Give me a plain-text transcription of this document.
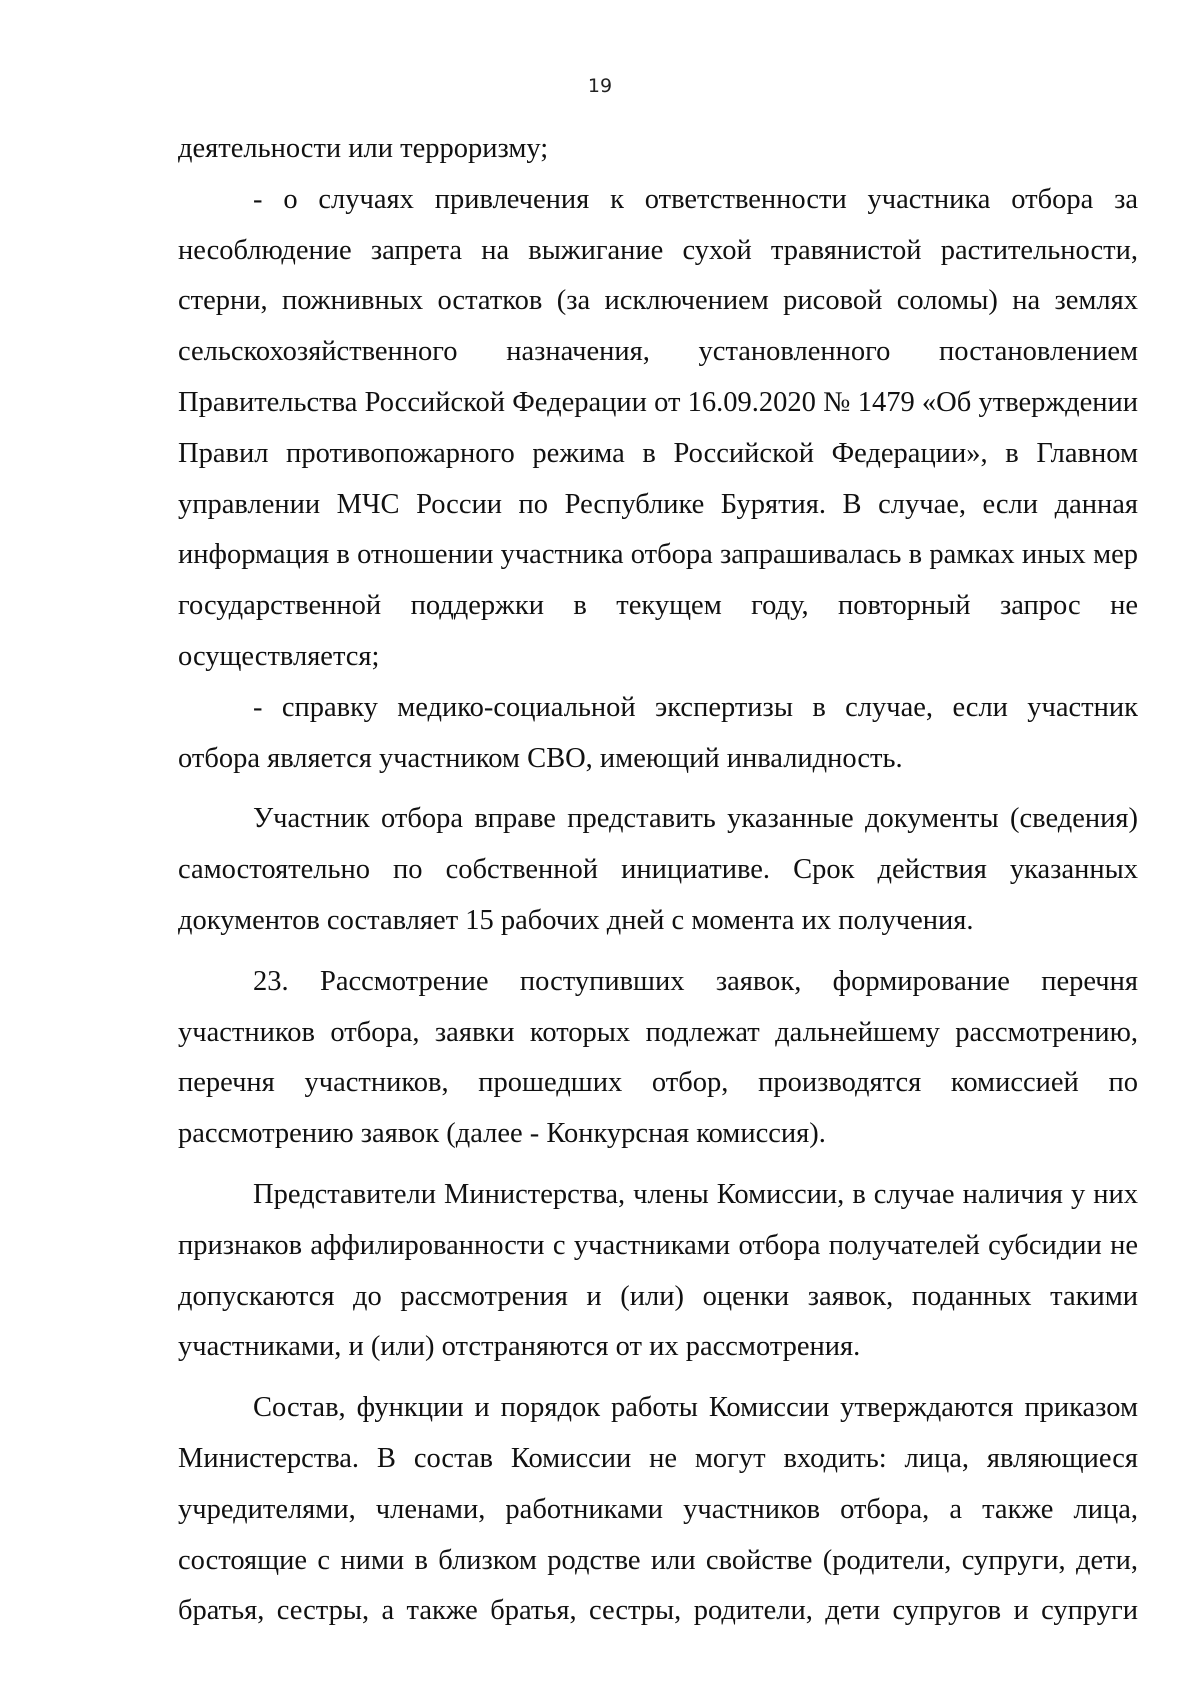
19

деятельности или терроризму;

- о случаях привлечения к ответственности участника отбора за несоблюдение запрета на выжигание сухой травянистой растительности, стерни, пожнивных остатков (за исключением рисовой соломы) на землях сельскохозяйственного назначения, установленного постановлением Правительства Российской Федерации от 16.09.2020 № 1479 «Об утверждении Правил противопожарного режима в Российской Федерации», в Главном управлении МЧС России по Республике Бурятия. В случае, если данная информация в отношении участника отбора запрашивалась в рамках иных мер государственной поддержки в текущем году, повторный запрос не осуществляется;

- справку медико-социальной экспертизы в случае, если участник отбора является участником СВО, имеющий инвалидность.

Участник отбора вправе представить указанные документы (сведения) самостоятельно по собственной инициативе. Срок действия указанных документов составляет 15 рабочих дней с момента их получения.

23. Рассмотрение поступивших заявок, формирование перечня участников отбора, заявки которых подлежат дальнейшему рассмотрению, перечня участников, прошедших отбор, производятся комиссией по рассмотрению заявок (далее - Конкурсная комиссия).

Представители Министерства, члены Комиссии, в случае наличия у них признаков аффилированности с участниками отбора получателей субсидии не допускаются до рассмотрения и (или) оценки заявок, поданных такими участниками, и (или) отстраняются от их рассмотрения.

Состав, функции и порядок работы Комиссии утверждаются приказом Министерства. В состав Комиссии не могут входить: лица, являющиеся учредителями, членами, работниками участников отбора, а также лица, состоящие с ними в близком родстве или свойстве (родители, супруги, дети, братья, сестры, а также братья, сестры, родители, дети супругов и супруги
